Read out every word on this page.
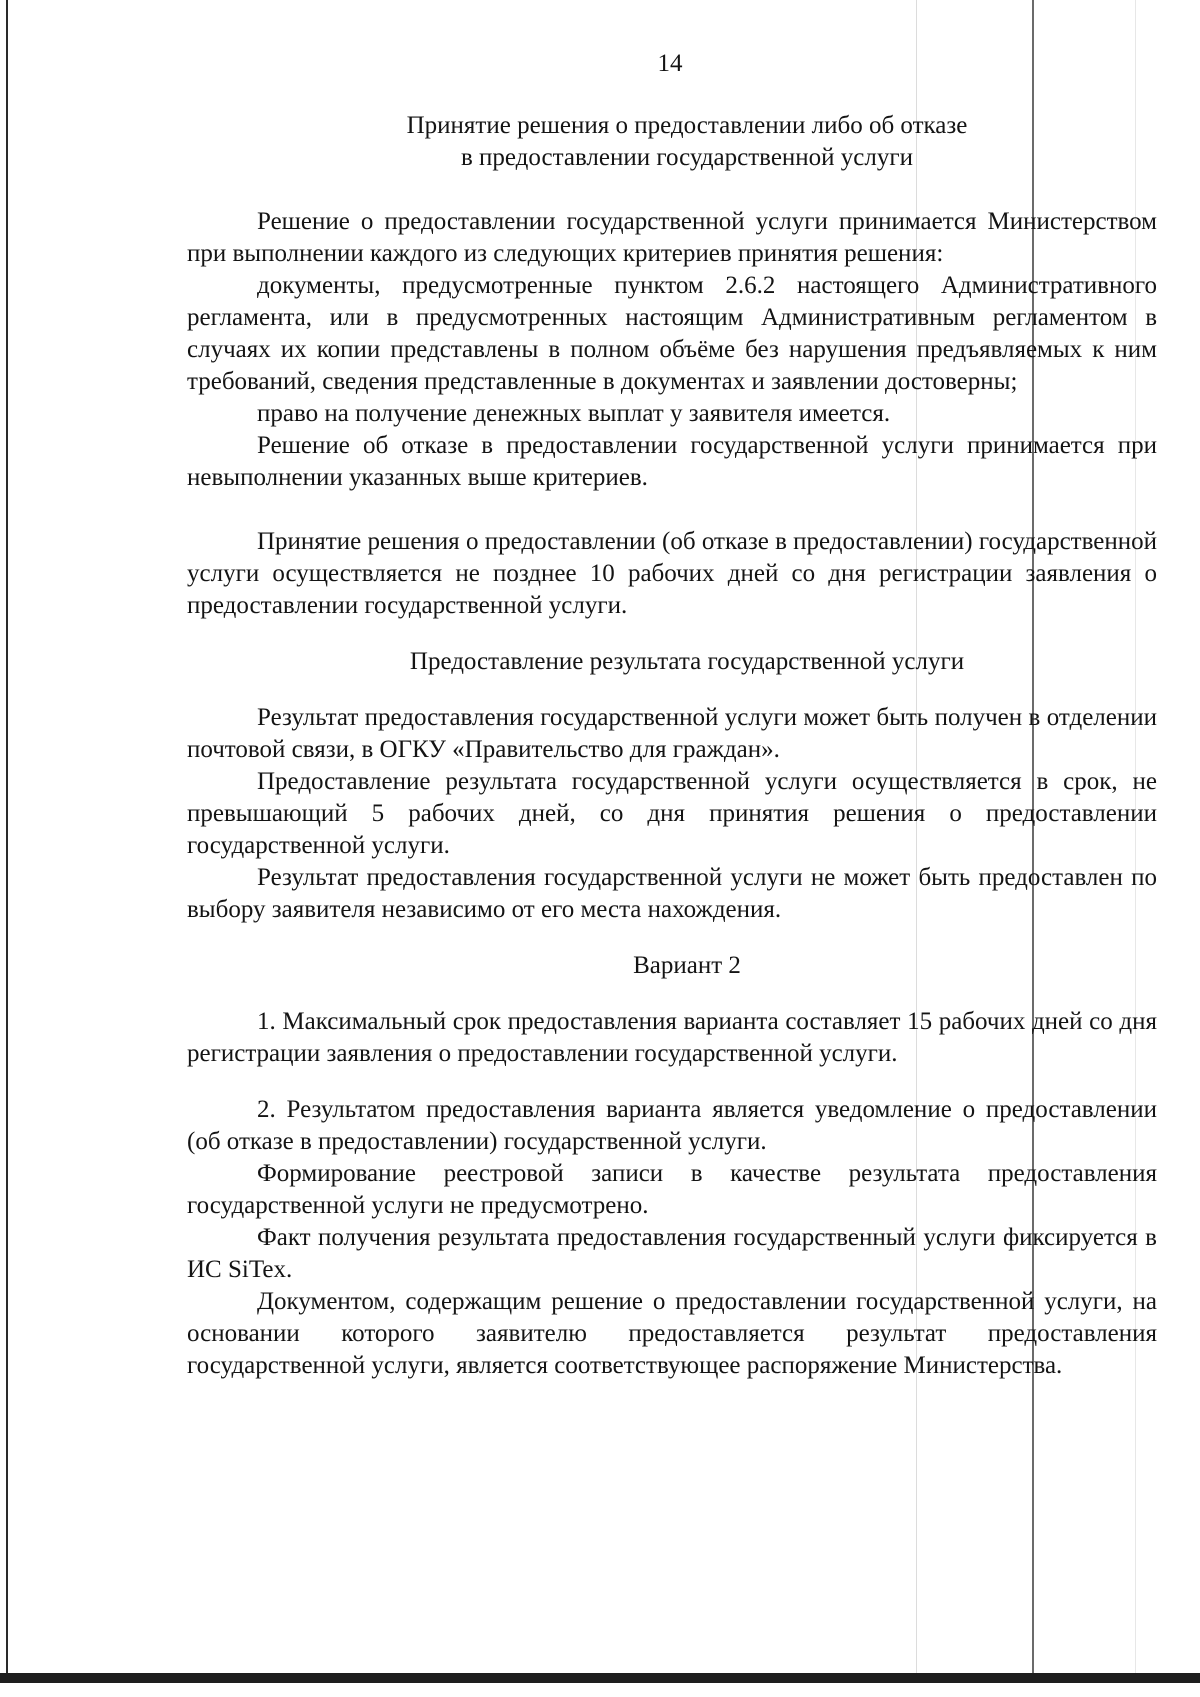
14
Принятие решения о предоставлении либо об отказе
в предоставлении государственной услуги

Решение о предоставлении государственной услуги принимается Министерством при выполнении каждого из следующих критериев принятия решения:

документы, предусмотренные пунктом 2.6.2 настоящего Административного регламента, или в предусмотренных настоящим Административным регламентом в случаях их копии представлены в полном объёме без нарушения предъявляемых к ним требований, сведения представленные в документах и заявлении достоверны;

право на получение денежных выплат у заявителя имеется.

Решение об отказе в предоставлении государственной услуги принимается при невыполнении указанных выше критериев.

Принятие решения о предоставлении (об отказе в предоставлении) государственной услуги осуществляется не позднее 10 рабочих дней со дня регистрации заявления о предоставлении государственной услуги.

Предоставление результата государственной услуги

Результат предоставления государственной услуги может быть получен в отделении почтовой связи, в ОГКУ «Правительство для граждан».

Предоставление результата государственной услуги осуществляется в срок, не превышающий 5 рабочих дней, со дня принятия решения о предоставлении государственной услуги.

Результат предоставления государственной услуги не может быть предоставлен по выбору заявителя независимо от его места нахождения.

Вариант 2

1. Максимальный срок предоставления варианта составляет 15 рабочих дней со дня регистрации заявления о предоставлении государственной услуги.

2. Результатом предоставления варианта является уведомление о предоставлении (об отказе в предоставлении) государственной услуги.

Формирование реестровой записи в качестве результата предоставления государственной услуги не предусмотрено.

Факт получения результата предоставления государственный услуги фиксируется в ИС SiTex.

Документом, содержащим решение о предоставлении государственной услуги, на основании которого заявителю предоставляется результат предоставления государственной услуги, является соответствующее распоряжение Министерства.
